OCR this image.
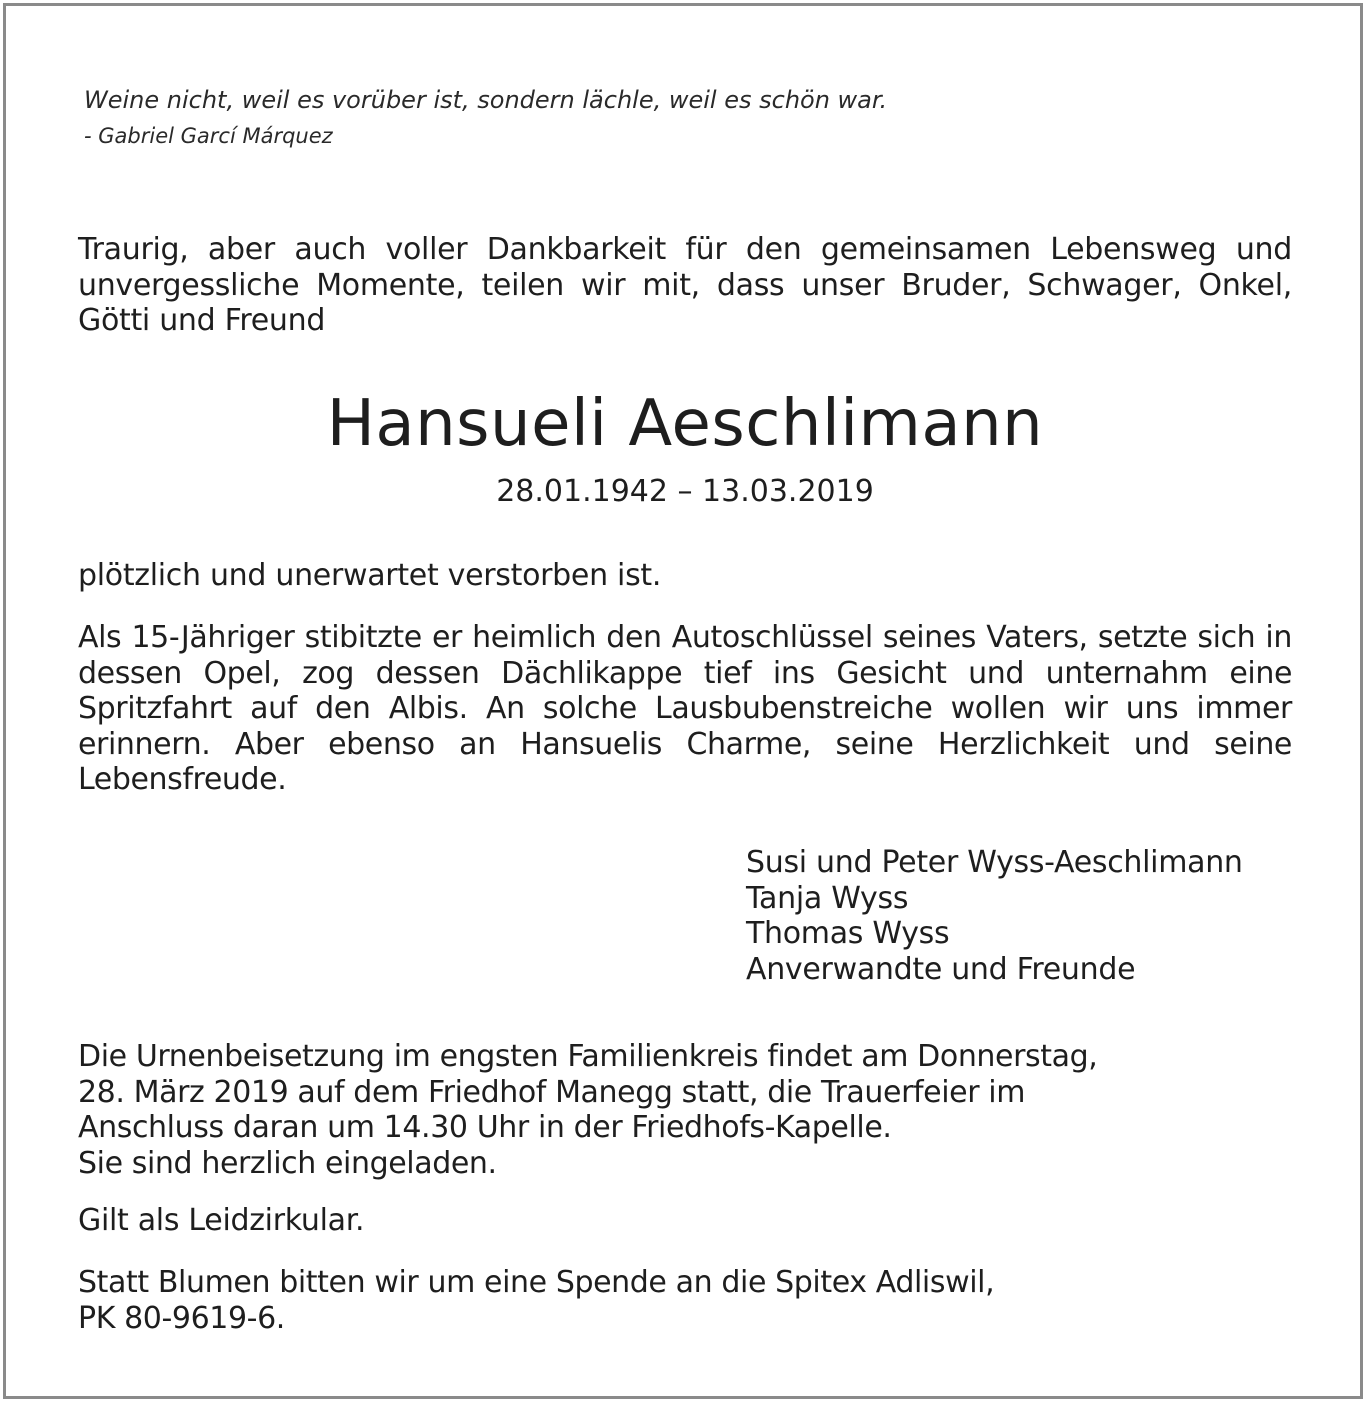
Weine nicht, weil es vorüber ist, sondern lächle, weil es schön war.
- Gabriel Garcí Márquez
Traurig, aber auch voller Dankbarkeit für den gemeinsamen Lebensweg und unvergessliche Momente, teilen wir mit, dass unser Bruder, Schwager, Onkel, Götti und Freund
Hansueli Aeschlimann
28.01.1942 – 13.03.2019
plötzlich und unerwartet verstorben ist.
Als 15-Jähriger stibitzte er heimlich den Autoschlüssel seines Vaters, setzte sich in dessen Opel, zog dessen Dächlikappe tief ins Gesicht und unternahm eine Spritzfahrt auf den Albis. An solche Lausbubenstreiche wollen wir uns immer erinnern. Aber ebenso an Hansuelis Charme, seine Herzlichkeit und seine Lebensfreude.
Susi und Peter Wyss-Aeschlimann
Tanja Wyss
Thomas Wyss
Anverwandte und Freunde
Die Urnenbeisetzung im engsten Familienkreis findet am Donnerstag,
28. März 2019 auf dem Friedhof Manegg statt, die Trauerfeier im
Anschluss daran um 14.30 Uhr in der Friedhofs-Kapelle.
Sie sind herzlich eingeladen.
Gilt als Leidzirkular.
Statt Blumen bitten wir um eine Spende an die Spitex Adliswil,
PK 80-9619-6.
